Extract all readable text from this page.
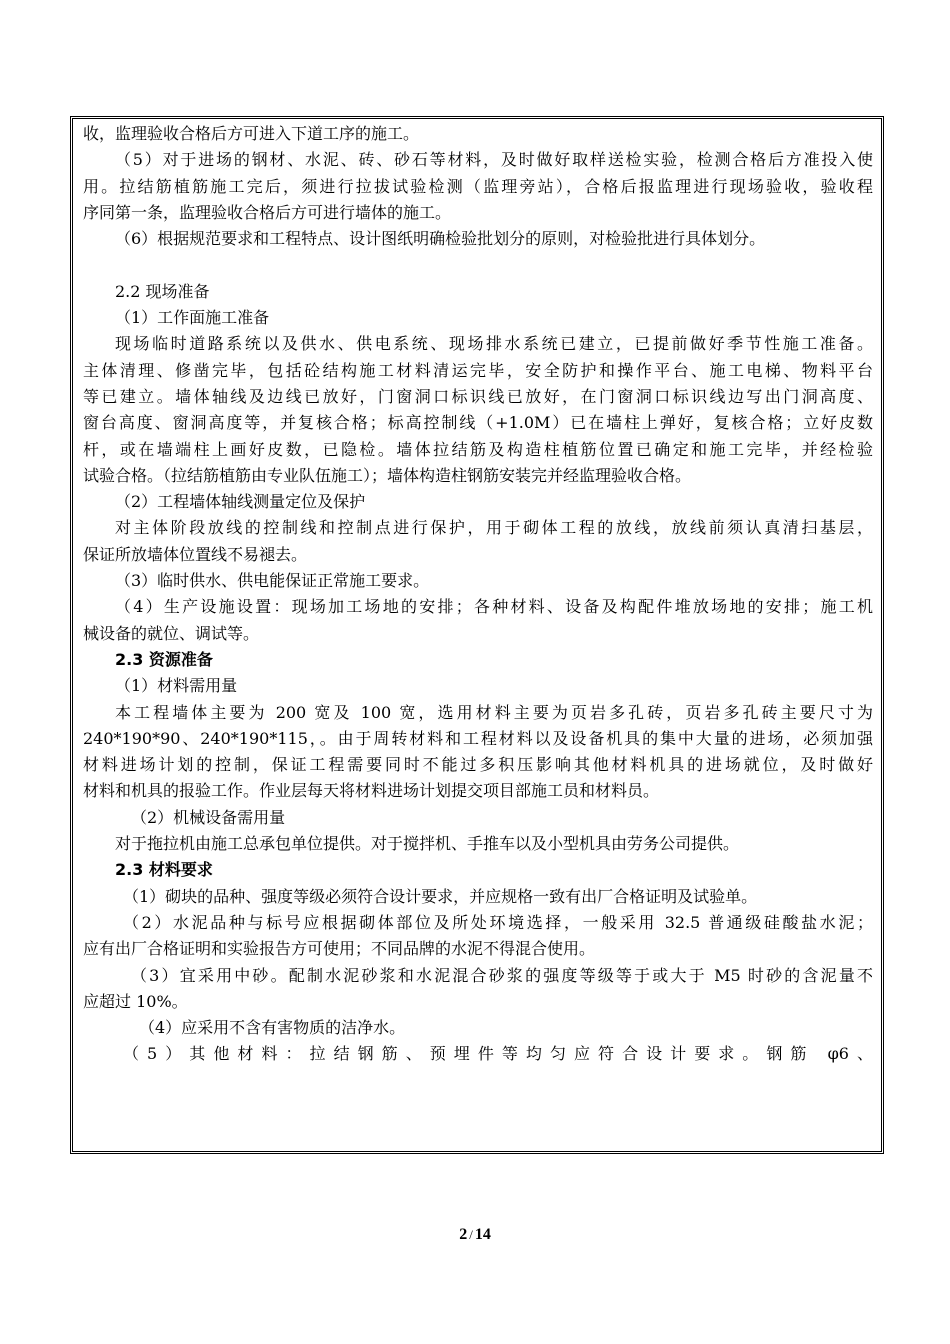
收，监理验收合格后方可进入下道工序的施工。
（5）对于进场的钢材、水泥、砖、砂石等材料，及时做好取样送检实验，检测合格后方准投入使
用。拉结筋植筋施工完后，须进行拉拔试验检测（监理旁站），合格后报监理进行现场验收，验收程
序同第一条，监理验收合格后方可进行墙体的施工。
（6）根据规范要求和工程特点、设计图纸明确检验批划分的原则，对检验批进行具体划分。
2.2 现场准备
（1）工作面施工准备
现场临时道路系统以及供水、供电系统、现场排水系统已建立，已提前做好季节性施工准备。
主体清理、修凿完毕，包括砼结构施工材料清运完毕，安全防护和操作平台、施工电梯、物料平台
等已建立。墙体轴线及边线已放好，门窗洞口标识线已放好，在门窗洞口标识线边写出门洞高度、
窗台高度、窗洞高度等，并复核合格；标高控制线（+1.0M）已在墙柱上弹好，复核合格；立好皮数
杆，或在墙端柱上画好皮数，已隐检。墙体拉结筋及构造柱植筋位置已确定和施工完毕，并经检验
试验合格。（拉结筋植筋由专业队伍施工）；墙体构造柱钢筋安装完并经监理验收合格。
（2）工程墙体轴线测量定位及保护
对主体阶段放线的控制线和控制点进行保护，用于砌体工程的放线，放线前须认真清扫基层，
保证所放墙体位置线不易褪去。
（3）临时供水、供电能保证正常施工要求。
（4）生产设施设置：现场加工场地的安排；各种材料、设备及构配件堆放场地的安排；施工机
械设备的就位、调试等。
2.3 资源准备
（1）材料需用量
本工程墙体主要为 200 宽及 100 宽，选用材料主要为页岩多孔砖，页岩多孔砖主要尺寸为
240*190*90、240*190*115，。由于周转材料和工程材料以及设备机具的集中大量的进场，必须加强
材料进场计划的控制，保证工程需要同时不能过多积压影响其他材料机具的进场就位，及时做好
材料和机具的报验工作。作业层每天将材料进场计划提交项目部施工员和材料员。
（2）机械设备需用量
对于拖拉机由施工总承包单位提供。对于搅拌机、手推车以及小型机具由劳务公司提供。
2.3 材料要求
（1）砌块的品种、强度等级必须符合设计要求，并应规格一致有出厂合格证明及试验单。
（2）水泥品种与标号应根据砌体部位及所处环境选择，一般采用 32.5 普通级硅酸盐水泥；
应有出厂合格证明和实验报告方可使用；不同品牌的水泥不得混合使用。
（3）宜采用中砂。配制水泥砂浆和水泥混合砂浆的强度等级等于或大于 M5 时砂的含泥量不
应超过 10%。
（4）应采用不含有害物质的洁净水。
（5）其他材料：拉结钢筋、预埋件等均匀应符合设计要求。钢筋 φ6、
2 / 14
